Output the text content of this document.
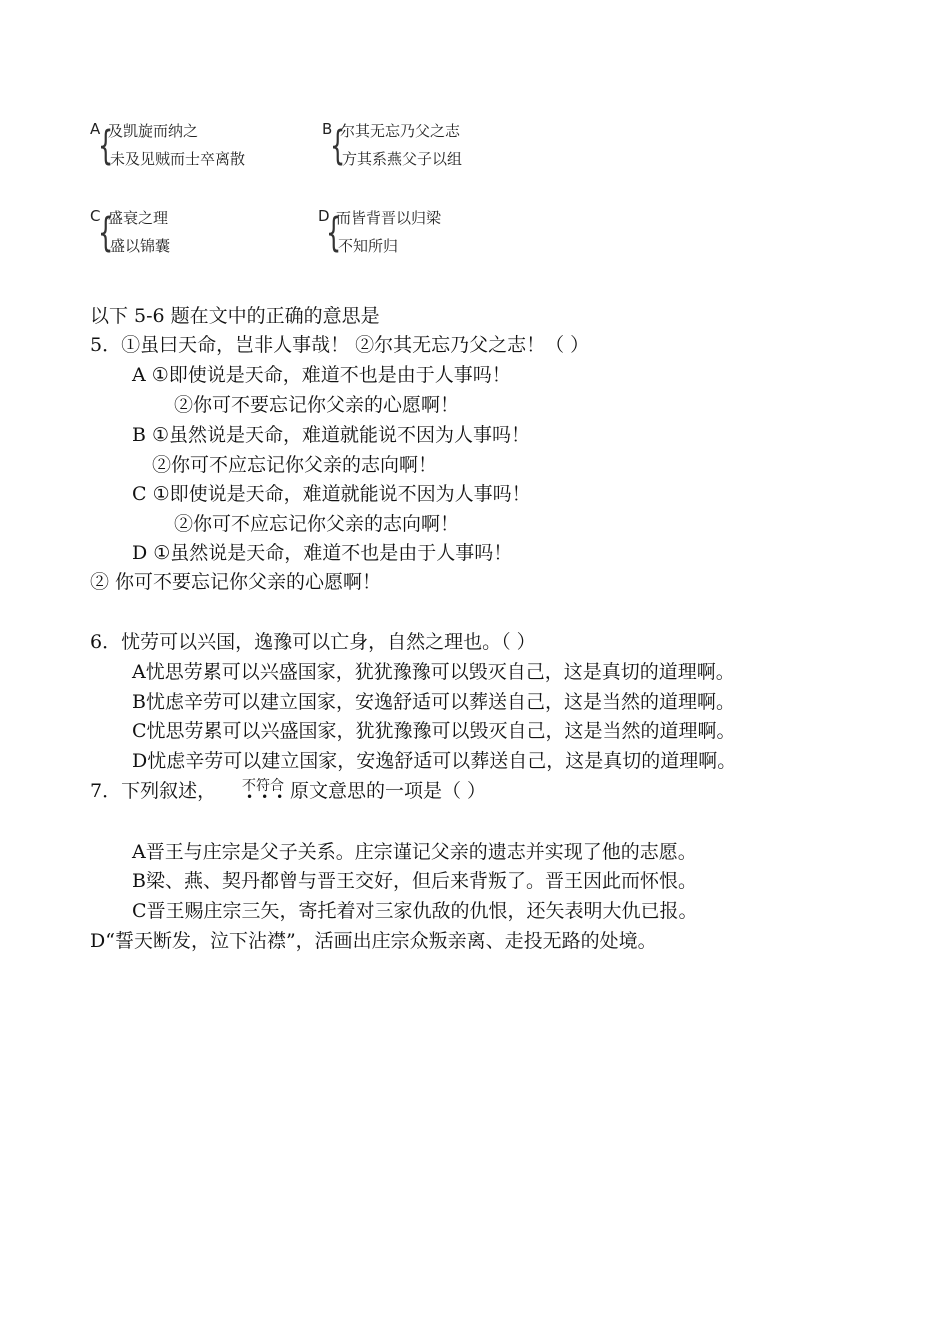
A
{
及凯旋而纳之
未及见贼而士卒离散
B
{
尔其无忘乃父之志
方其系燕父子以组
C
{
盛衰之理
盛以锦囊
D
{
而皆背晋以归梁
不知所归
以下 5-6 题在文中的正确的意思是
5．①虽曰天命，岂非人事哉！ ②尔其无忘乃父之志！（ ）
A ①即使说是天命，难道不也是由于人事吗！
②你可不要忘记你父亲的心愿啊！
B ①虽然说是天命，难道就能说不因为人事吗！
②你可不应忘记你父亲的志向啊！
C ①即使说是天命，难道就能说不因为人事吗！
②你可不应忘记你父亲的志向啊！
D ①虽然说是天命，难道不也是由于人事吗！
② 你可不要忘记你父亲的心愿啊！
6．忧劳可以兴国，逸豫可以亡身，自然之理也。（ ）
A忧思劳累可以兴盛国家，犹犹豫豫可以毁灭自己，这是真切的道理啊。
B忧虑辛劳可以建立国家，安逸舒适可以葬送自己，这是当然的道理啊。
C忧思劳累可以兴盛国家，犹犹豫豫可以毁灭自己，这是当然的道理啊。
D忧虑辛劳可以建立国家，安逸舒适可以葬送自己，这是真切的道理啊。
7．下列叙述， 不符合
•••
原文意思的一项是（ ）
A晋王与庄宗是父子关系。庄宗谨记父亲的遗志并实现了他的志愿。
B梁、燕、契丹都曾与晋王交好，但后来背叛了。晋王因此而怀恨。
C晋王赐庄宗三矢，寄托着对三家仇敌的仇恨，还矢表明大仇已报。
D“誓天断发，泣下沾襟”，活画出庄宗众叛亲离、走投无路的处境。
